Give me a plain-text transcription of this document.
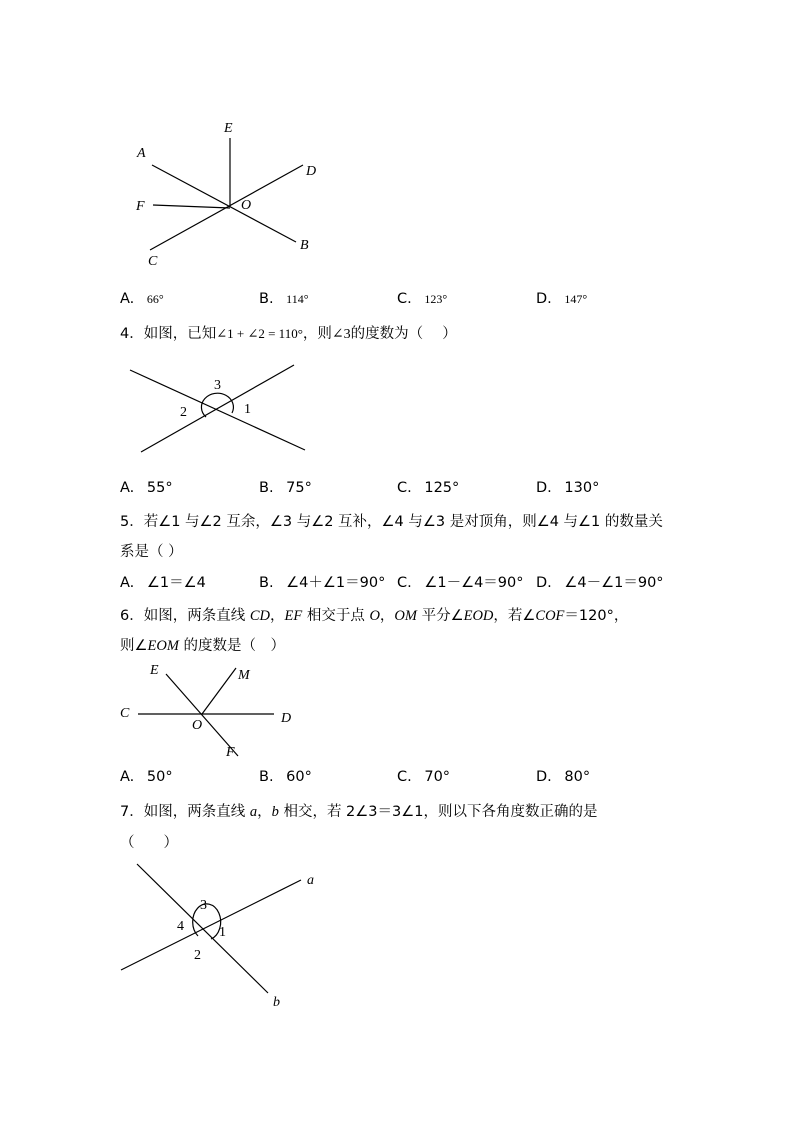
E
A
D
F	O
B
C
A. 66°	B. 114°	C. 123°	D. 147°
4．如图，已知∠1 + ∠2 = 110°，则∠3的度数为（　 ）
3
2	1
A. 55°	B. 75°	C. 125°	D. 130°
5．若∠1 与∠2 互余，∠3 与∠2 互补，∠4 与∠3 是对顶角，则∠4 与∠1 的数量关
系是（ ）
A. ∠1＝∠4	B. ∠4＋∠1＝90° C. ∠1－∠4＝90° D. ∠4－∠1＝90°
6．如图，两条直线 CD，EF 相交于点 O，OM 平分∠EOD，若∠COF＝120°，
则∠EOM 的度数是（　）
E	M
C	D
O
F
A. 50°	B. 60°	C. 70°	D. 80°
7．如图，两条直线 a，b 相交，若 2∠3＝3∠1，则以下各角度数正确的是
（　　）
a
b
3
4	1
2
